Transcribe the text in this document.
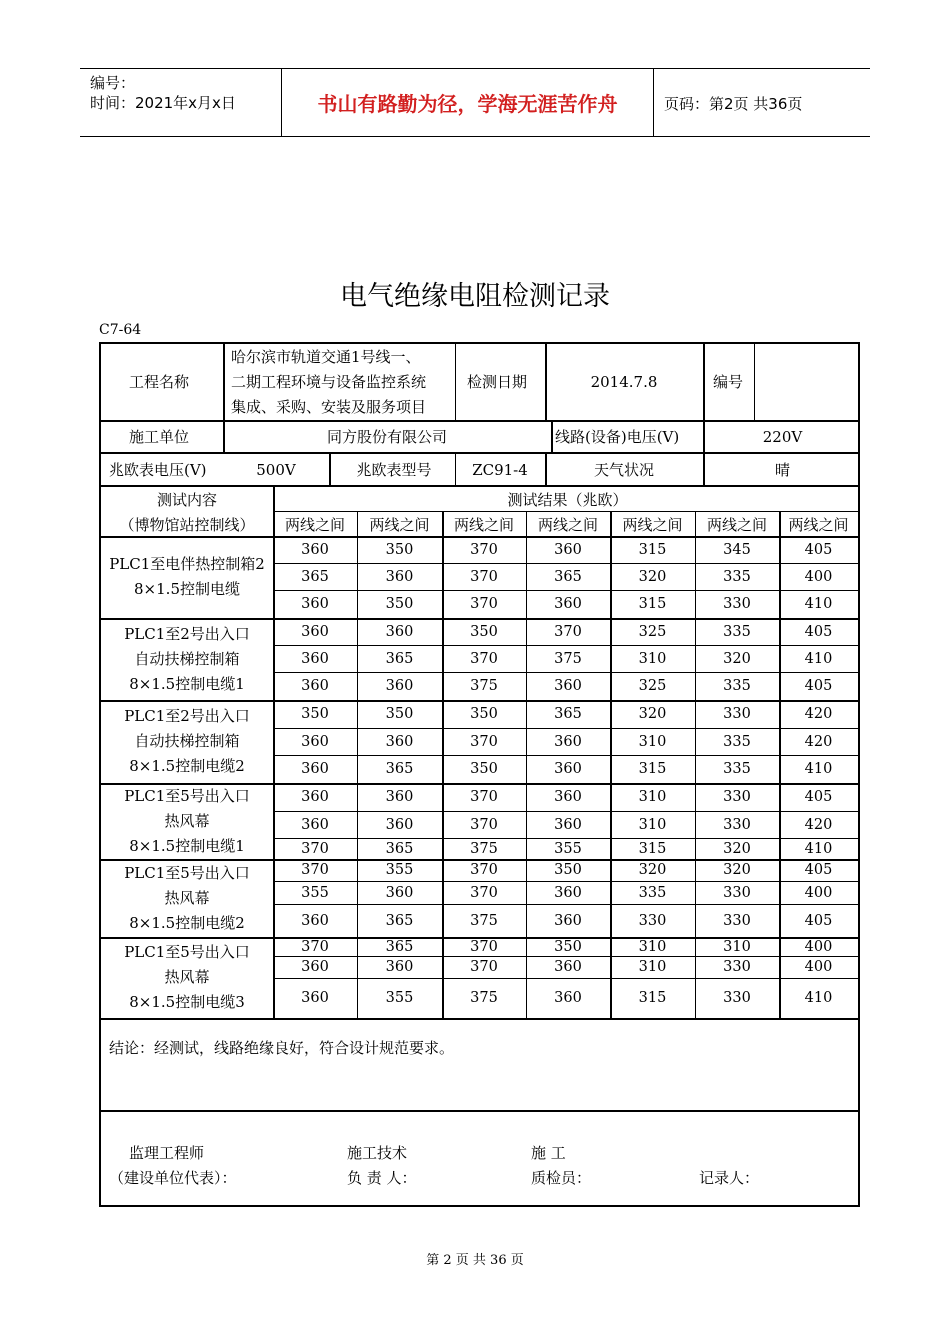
编号：
时间：2021年x月x日	书山有路勤为径，学海无涯苦作舟	页码：第2页 共36页
电气绝缘电阻检测记录
C7-64
工程名称
哈尔滨市轨道交通1号线一、
二期工程环境与设备监控系统
集成、采购、安装及服务项目
检测日期	2014.7.8	编号
施工单位	同方股份有限公司	线路(设备)电压(V)	220V
兆欧表电压(V)	500V	兆欧表型号	ZC91-4	天气状况	晴
测试内容
（博物馆站控制线）
测试结果（兆欧）
两线之间	两线之间	两线之间	两线之间	两线之间	两线之间	两线之间
PLC1至电伴热控制箱2
8×1.5控制电缆
360	350	370	360	315	345	405
365	360	370	365	320	335	400
360	350	370	360	315	330	410
PLC1至2号出入口
自动扶梯控制箱
8×1.5控制电缆1
360	360	350	370	325	335	405
360	365	370	375	310	320	410
360	360	375	360	325	335	405
PLC1至2号出入口
自动扶梯控制箱
8×1.5控制电缆2
350	350	350	365	320	330	420
360	360	370	360	310	335	420
360	365	350	360	315	335	410
PLC1至5号出入口
热风幕
8×1.5控制电缆1
360	360	370	360	310	330	405
360	360	370	360	310	330	420
370	365	375	355	315	320	410
PLC1至5号出入口
热风幕
8×1.5控制电缆2
370	355	370	350	320	320	405
355	360	370	360	335	330	400
360	365	375	360	330	330	405
PLC1至5号出入口
热风幕
8×1.5控制电缆3
370	365	370	350	310	310	400
360	360	370	360	310	330	400
360	355	375	360	315	330	410
结论：经测试，线路绝缘良好，符合设计规范要求。
监理工程师
（建设单位代表）：
施工技术
负 责 人：
施 工
质检员：	记录人：
第 2 页 共 36 页
